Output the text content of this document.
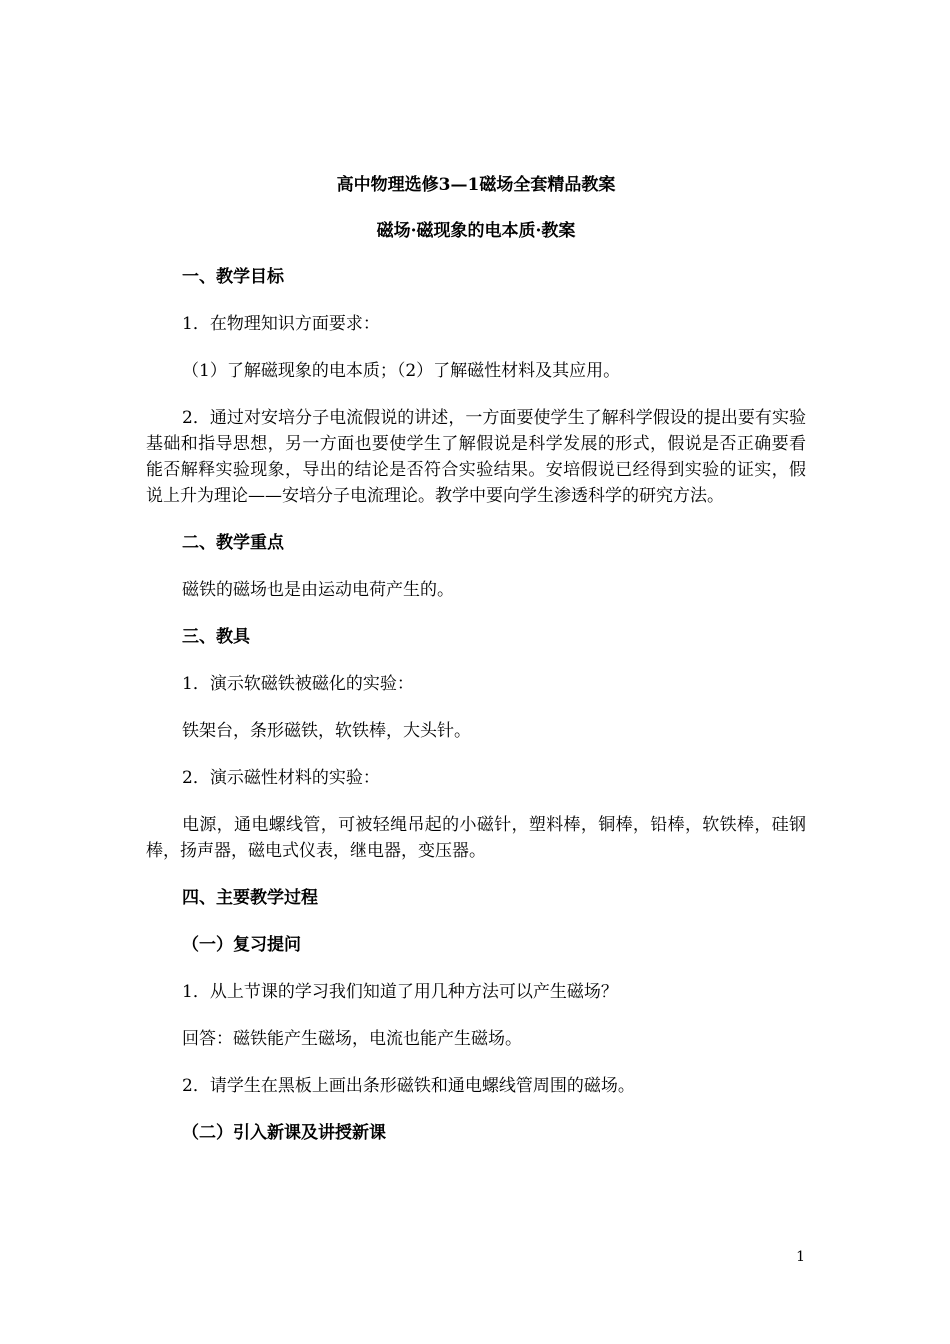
高中物理选修3—1磁场全套精品教案
磁场·磁现象的电本质·教案
一、教学目标
1．在物理知识方面要求：
（1）了解磁现象的电本质；（2）了解磁性材料及其应用。
2．通过对安培分子电流假说的讲述，一方面要使学生了解科学假设的提出要有实验基础和指导思想，另一方面也要使学生了解假说是科学发展的形式，假说是否正确要看能否解释实验现象，导出的结论是否符合实验结果。安培假说已经得到实验的证实，假说上升为理论——安培分子电流理论。教学中要向学生渗透科学的研究方法。
二、教学重点
磁铁的磁场也是由运动电荷产生的。
三、教具
1．演示软磁铁被磁化的实验：
铁架台，条形磁铁，软铁棒，大头针。
2．演示磁性材料的实验：
电源，通电螺线管，可被轻绳吊起的小磁针，塑料棒，铜棒，铅棒，软铁棒，硅钢棒，扬声器，磁电式仪表，继电器，变压器。
四、主要教学过程
（一）复习提问
1．从上节课的学习我们知道了用几种方法可以产生磁场？
回答：磁铁能产生磁场，电流也能产生磁场。
2．请学生在黑板上画出条形磁铁和通电螺线管周围的磁场。
（二）引入新课及讲授新课
1
